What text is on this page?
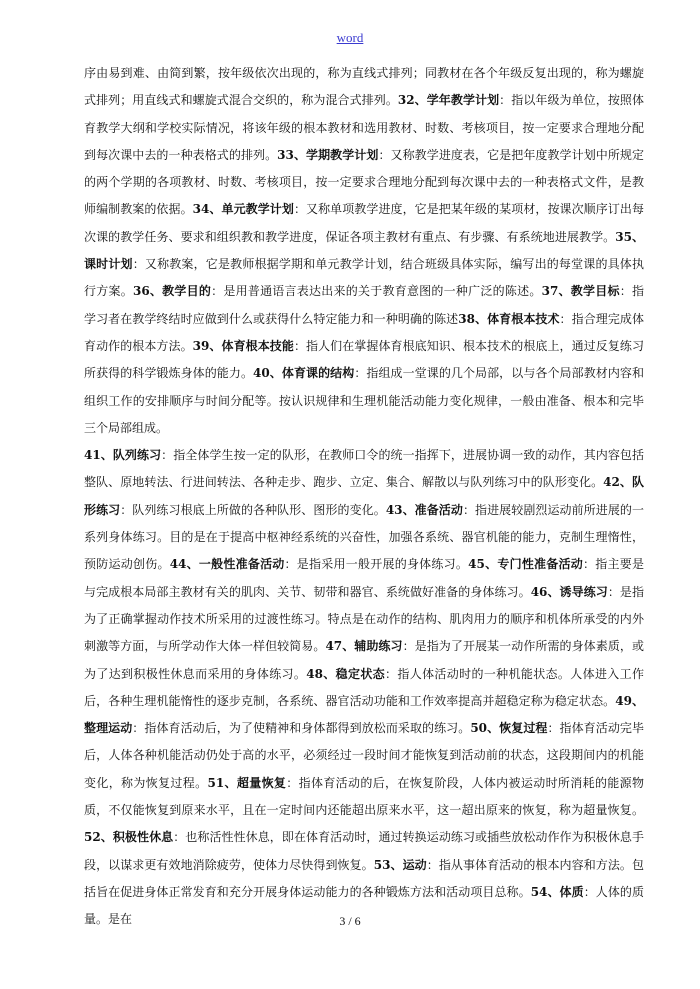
word

序由易到难、由简到繁，按年级依次出现的，称为直线式排列；同教材在各个年级反复出现的，称为螺旋式排列；用直线式和螺旋式混合交织的，称为混合式排列。32、学年教学计划：指以年级为单位，按照体育教学大纲和学校实际情况，将该年级的根本教材和选用教材、时数、考核项目，按一定要求合理地分配到每次课中去的一种表格式的排列。33、学期教学计划：又称教学进度表，它是把年度教学计划中所规定的两个学期的各项教材、时数、考核项目，按一定要求合理地分配到每次课中去的一种表格式文件，是教师编制教案的依据。34、单元教学计划：又称单项教学进度，它是把某年级的某项材，按课次顺序订出每次课的教学任务、要求和组织教和教学进度，保证各项主教材有重点、有步骤、有系统地进展教学。35、课时计划：又称教案，它是教师根据学期和单元教学计划，结合班级具体实际，编写出的每堂课的具体执行方案。36、教学目的：是用普通语言表达出来的关于教育意图的一种广泛的陈述。37、教学目标：指学习者在教学终结时应做到什么或获得什么特定能力和一种明确的陈述38、体育根本技术：指合理完成体育动作的根本方法。39、体育根本技能：指人们在掌握体育根底知识、根本技术的根底上，通过反复练习所获得的科学锻炼身体的能力。40、体育课的结构：指组成一堂课的几个局部，以与各个局部教材内容和组织工作的安排顺序与时间分配等。按认识规律和生理机能活动能力变化规律，一般由准备、根本和完毕三个局部组成。

41、队列练习：指全体学生按一定的队形，在教师口令的统一指挥下，进展协调一致的动作，其内容包括整队、原地转法、行进间转法、各种走步、跑步、立定、集合、解散以与队列练习中的队形变化。42、队形练习：队列练习根底上所做的各种队形、图形的变化。43、准备活动：指进展较剧烈运动前所进展的一系列身体练习。目的是在于提高中枢神经系统的兴奋性，加强各系统、器官机能的能力，克制生理惰性，预防运动创伤。44、一般性准备活动：是指采用一般开展的身体练习。45、专门性准备活动：指主要是与完成根本局部主教材有关的肌肉、关节、韧带和器官、系统做好准备的身体练习。46、诱导练习：是指为了正确掌握动作技术所采用的过渡性练习。特点是在动作的结构、肌肉用力的顺序和机体所承受的内外刺激等方面，与所学动作大体一样但较简易。47、辅助练习：是指为了开展某一动作所需的身体素质，或为了达到积极性休息而采用的身体练习。48、稳定状态：指人体活动时的一种机能状态。人体进入工作后，各种生理机能惰性的逐步克制，各系统、器官活动功能和工作效率提高并超稳定称为稳定状态。49、整理运动：指体育活动后，为了使精神和身体都得到放松而采取的练习。50、恢复过程：指体育活动完毕后，人体各种机能活动仍处于高的水平，必须经过一段时间才能恢复到活动前的状态，这段期间内的机能变化，称为恢复过程。51、超量恢复：指体育活动的后，在恢复阶段，人体内被运动时所消耗的能源物质，不仅能恢复到原来水平，且在一定时间内还能超出原来水平，这一超出原来的恢复，称为超量恢复。52、积极性休息：也称活性性休息，即在体育活动时，通过转换运动练习或插些放松动作作为积极休息手段，以谋求更有效地消除疲劳，使体力尽快得到恢复。53、运动：指从事体育活动的根本内容和方法。包括旨在促进身体正常发育和充分开展身体运动能力的各种锻炼方法和活动项目总称。54、体质：人体的质量。是在	3 / 6
